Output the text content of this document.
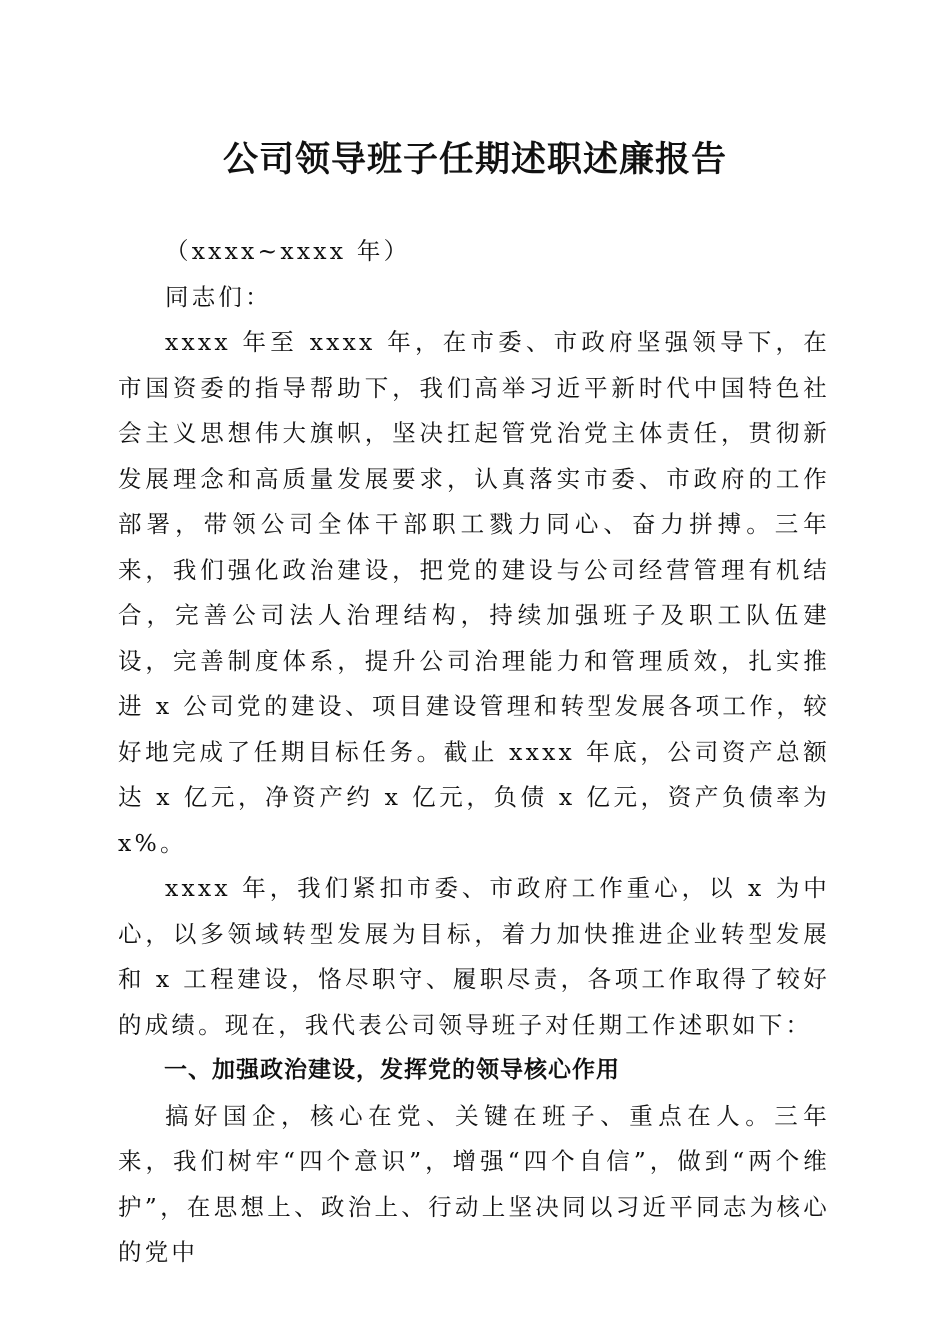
公司领导班子任期述职述廉报告

（xxxx~xxxx 年）

同志们：

xxxx 年至 xxxx 年，在市委、市政府坚强领导下，在市国资委的指导帮助下，我们高举习近平新时代中国特色社会主义思想伟大旗帜，坚决扛起管党治党主体责任，贯彻新发展理念和高质量发展要求，认真落实市委、市政府的工作部署，带领公司全体干部职工戮力同心、奋力拼搏。三年来，我们强化政治建设，把党的建设与公司经营管理有机结合，完善公司法人治理结构，持续加强班子及职工队伍建设，完善制度体系，提升公司治理能力和管理质效，扎实推进 x 公司党的建设、项目建设管理和转型发展各项工作，较好地完成了任期目标任务。截止 xxxx 年底，公司资产总额达 x 亿元，净资产约 x 亿元，负债 x 亿元，资产负债率为 x%。

xxxx 年，我们紧扣市委、市政府工作重心，以 x 为中心，以多领域转型发展为目标，着力加快推进企业转型发展和 x 工程建设，恪尽职守、履职尽责，各项工作取得了较好的成绩。现在，我代表公司领导班子对任期工作述职如下：

一、加强政治建设，发挥党的领导核心作用

搞好国企，核心在党、关键在班子、重点在人。三年来，我们树牢“四个意识”，增强“四个自信”，做到“两个维护”，在思想上、政治上、行动上坚决同以习近平同志为核心的党中
